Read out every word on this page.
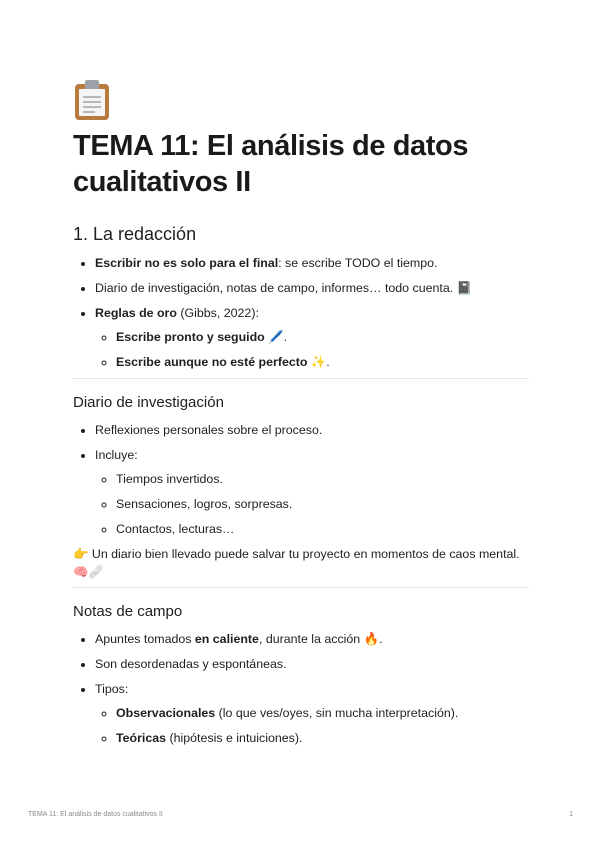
TEMA 11: El análisis de datos cualitativos II
1. La redacción
• Escribir no es solo para el final: se escribe TODO el tiempo.
• Diario de investigación, notas de campo, informes… todo cuenta. 📓
• Reglas de oro (Gibbs, 2022):
◦ Escribe pronto y seguido 🖊️.
◦ Escribe aunque no esté perfecto ✨.
Diario de investigación
• Reflexiones personales sobre el proceso.
• Incluye:
◦ Tiempos invertidos.
◦ Sensaciones, logros, sorpresas.
◦ Contactos, lecturas…

👉 Un diario bien llevado puede salvar tu proyecto en momentos de caos mental. 🧠🩹

Notas de campo
• Apuntes tomados en caliente, durante la acción 🔥.
• Son desordenadas y espontáneas.
• Tipos:
◦ Observacionales (lo que ves/oyes, sin mucha interpretación).
◦ Teóricas (hipótesis e intuiciones).
TEMA 11: El análisis de datos cualitativos II	1
